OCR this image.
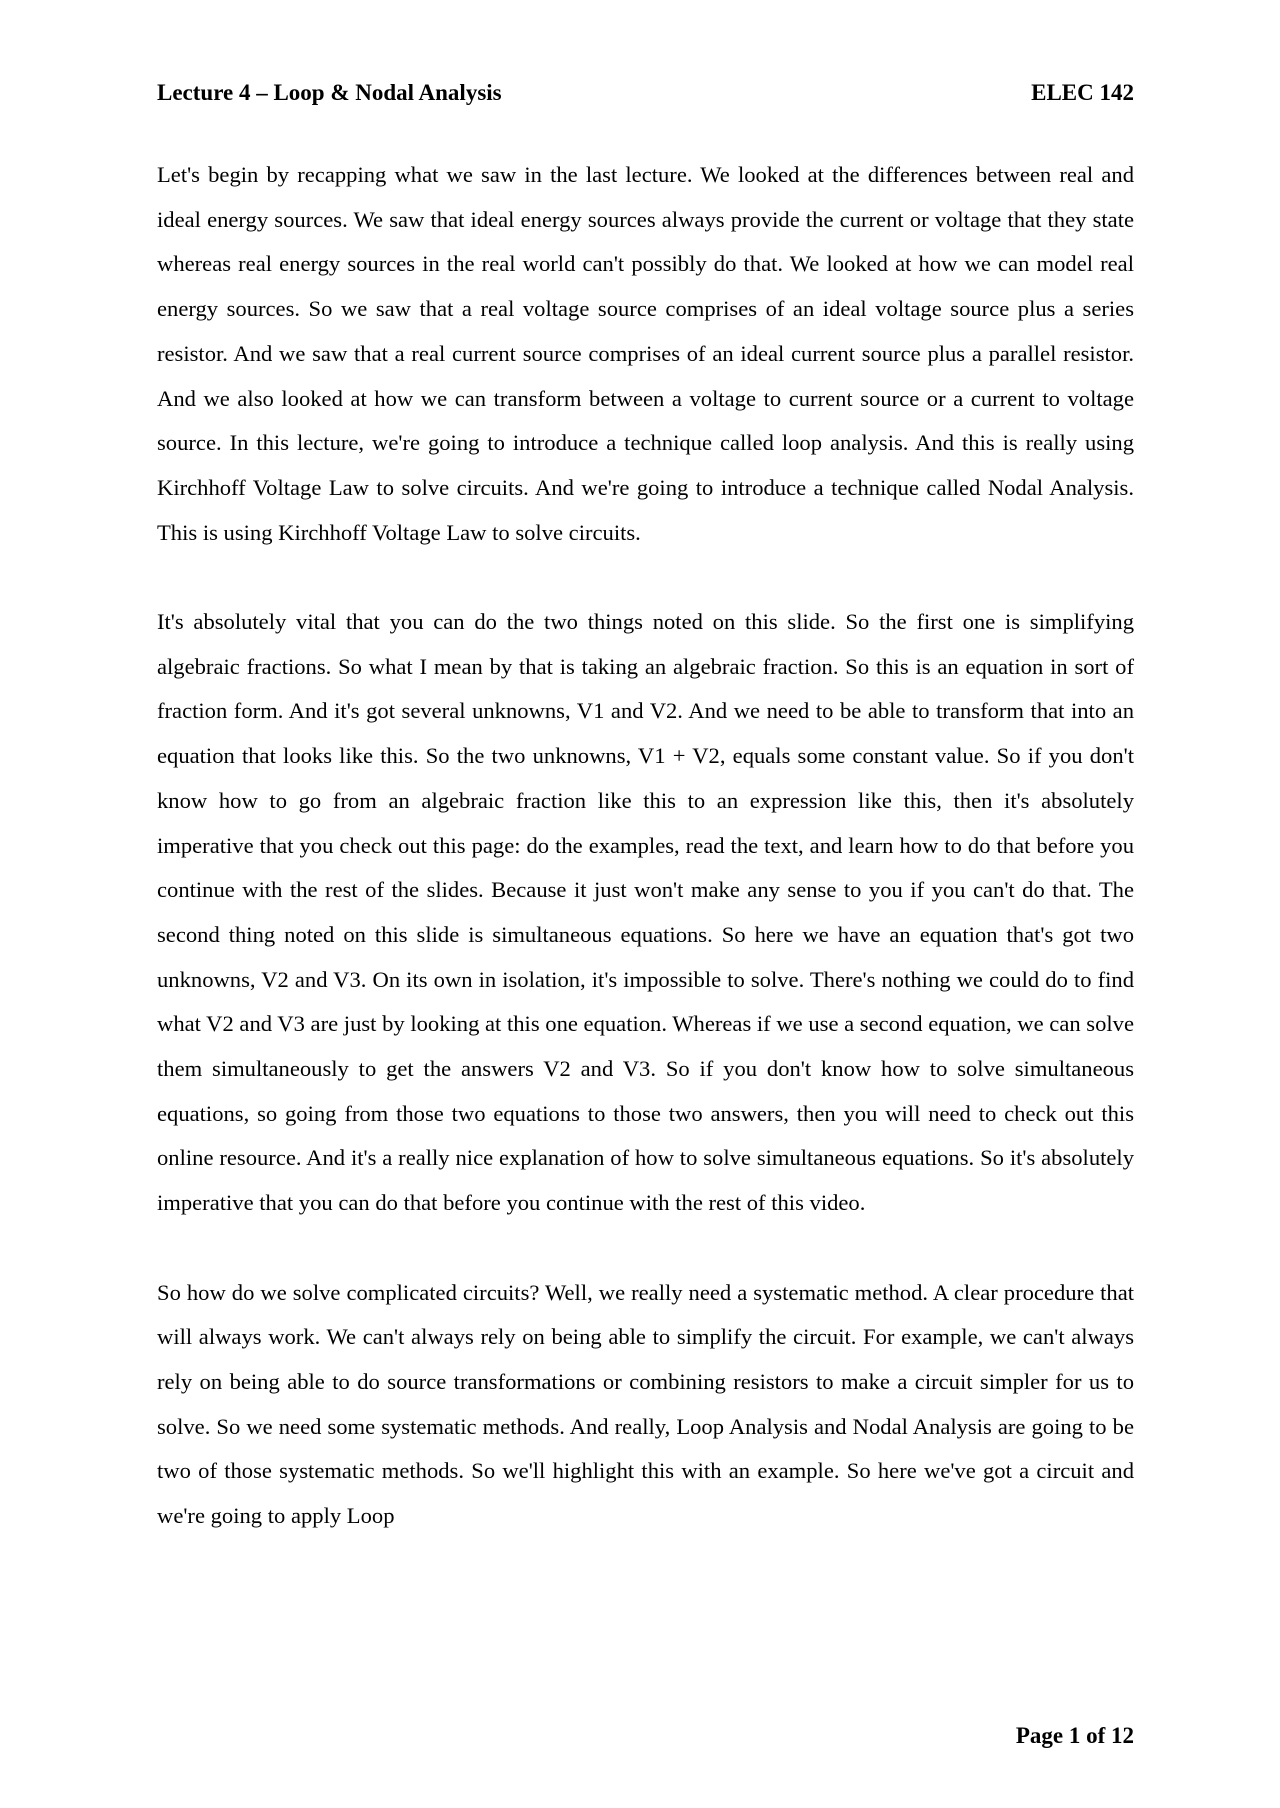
Lecture 4 – Loop & Nodal Analysis	ELEC 142

Let's begin by recapping what we saw in the last lecture. We looked at the differences between real and ideal energy sources. We saw that ideal energy sources always provide the current or voltage that they state whereas real energy sources in the real world can't possibly do that. We looked at how we can model real energy sources. So we saw that a real voltage source comprises of an ideal voltage source plus a series resistor. And we saw that a real current source comprises of an ideal current source plus a parallel resistor. And we also looked at how we can transform between a voltage to current source or a current to voltage source. In this lecture, we're going to introduce a technique called loop analysis. And this is really using Kirchhoff Voltage Law to solve circuits. And we're going to introduce a technique called Nodal Analysis. This is using Kirchhoff Voltage Law to solve circuits.

It's absolutely vital that you can do the two things noted on this slide. So the first one is simplifying algebraic fractions. So what I mean by that is taking an algebraic fraction. So this is an equation in sort of fraction form. And it's got several unknowns, V1 and V2. And we need to be able to transform that into an equation that looks like this. So the two unknowns, V1 + V2, equals some constant value. So if you don't know how to go from an algebraic fraction like this to an expression like this, then it's absolutely imperative that you check out this page: do the examples, read the text, and learn how to do that before you continue with the rest of the slides. Because it just won't make any sense to you if you can't do that. The second thing noted on this slide is simultaneous equations. So here we have an equation that's got two unknowns, V2 and V3. On its own in isolation, it's impossible to solve. There's nothing we could do to find what V2 and V3 are just by looking at this one equation. Whereas if we use a second equation, we can solve them simultaneously to get the answers V2 and V3. So if you don't know how to solve simultaneous equations, so going from those two equations to those two answers, then you will need to check out this online resource. And it's a really nice explanation of how to solve simultaneous equations. So it's absolutely imperative that you can do that before you continue with the rest of this video.

So how do we solve complicated circuits? Well, we really need a systematic method. A clear procedure that will always work. We can't always rely on being able to simplify the circuit. For example, we can't always rely on being able to do source transformations or combining resistors to make a circuit simpler for us to solve. So we need some systematic methods. And really, Loop Analysis and Nodal Analysis are going to be two of those systematic methods. So we'll highlight this with an example. So here we've got a circuit and we're going to apply Loop

Page 1 of 12
